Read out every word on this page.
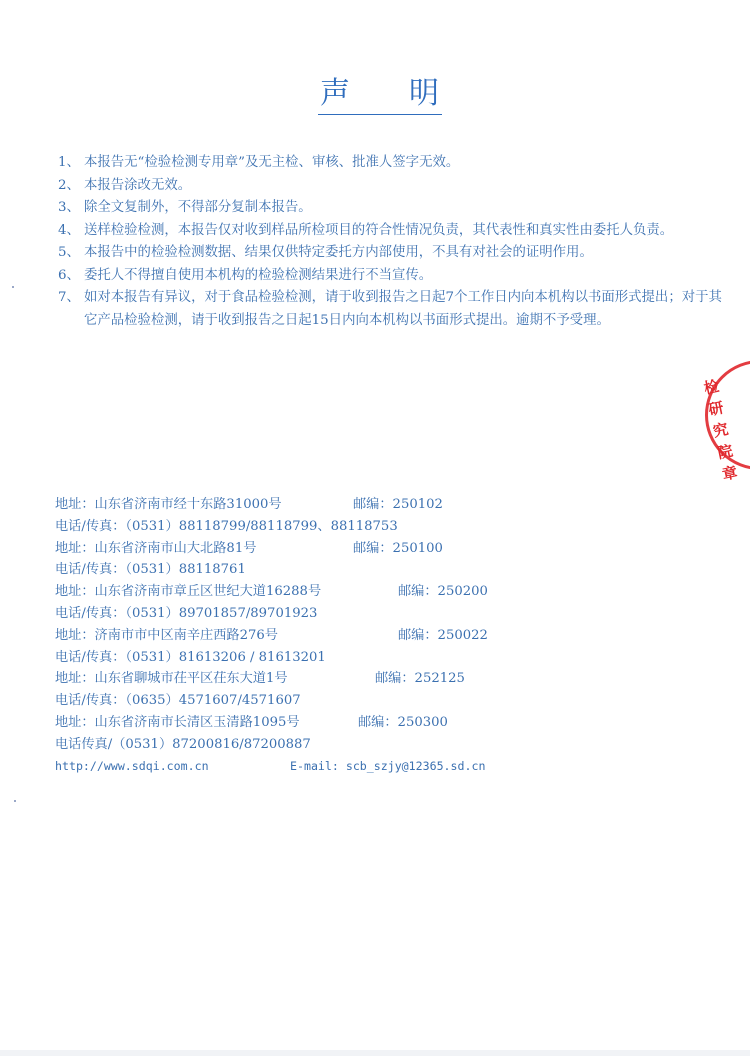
声 明
1、 本报告无“检验检测专用章”及无主检、审核、批准人签字无效。
2、 本报告涂改无效。
3、 除全文复制外，不得部分复制本报告。
4、 送样检验检测，本报告仅对收到样品所检项目的符合性情况负责，其代表性和真实性由委托人负责。
5、 本报告中的检验检测数据、结果仅供特定委托方内部使用，不具有对社会的证明作用。
6、 委托人不得擅自使用本机构的检验检测结果进行不当宣传。
7、 如对本报告有异议，对于食品检验检测，请于收到报告之日起7个工作日内向本机构以书面形式提出；对于其它产品检验检测，请于收到报告之日起15日内向本机构以书面形式提出。逾期不予受理。
地址：山东省济南市经十东路31000号	邮编：250102
电话/传真：（0531）88118799/88118799、88118753
地址：山东省济南市山大北路81号	邮编：250100
电话/传真：（0531）88118761
地址：山东省济南市章丘区世纪大道16288号	邮编：250200
电话/传真：（0531）89701857/89701923
地址：济南市市中区南辛庄西路276号	邮编：250022
电话/传真：（0531）81613206 / 81613201
地址：山东省聊城市茌平区茌东大道1号	邮编：252125
电话/传真：（0635）4571607/4571607
地址：山东省济南市长清区玉清路1095号	邮编：250300
电话传真/（0531）87200816/87200887
http://www.sdqi.com.cn	E-mail: scb_szjy@12365.sd.cn
检研究院章
